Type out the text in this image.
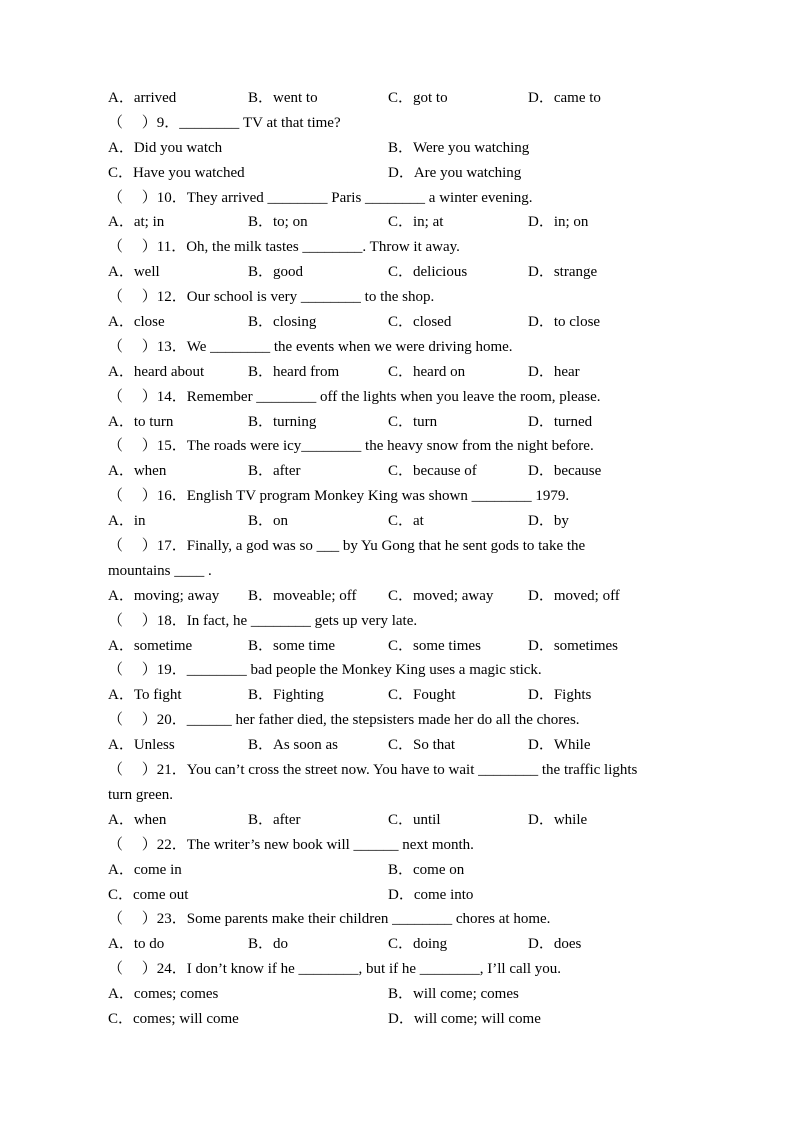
A．arrived	B．went to	C．got to	D．came to
（　 ）9．________ TV at that time?
A．Did you watch	B．Were you watching
C．Have you watched	D．Are you watching
（　 ）10．They arrived ________ Paris ________ a winter evening.
A．at; in	B．to; on	C．in; at	D．in; on
（　 ）11．Oh, the milk tastes ________. Throw it away.
A．well	B．good	C．delicious	D．strange
（　 ）12．Our school is very ________ to the shop.
A．close	B．closing	C．closed	D．to close
（　 ）13．We ________ the events when we were driving home.
A．heard about	B．heard from	C．heard on	D．hear
（　 ）14．Remember ________ off the lights when you leave the room, please.
A．to turn	B．turning	C．turn	D．turned
（　 ）15．The roads were icy________ the heavy snow from the night before.
A．when	B．after	C．because of	D．because
（　 ）16．English TV program Monkey King was shown ________ 1979.
A．in	B．on	C．at	D．by
（　 ）17．Finally, a god was so ___ by Yu Gong that he sent gods to take the
mountains ____ .
A．moving; away	B．moveable; off	C．moved; away	D．moved; off
（　 ）18．In fact, he ________ gets up very late.
A．sometime	B．some time	C．some times	D．sometimes
（　 ）19．________ bad people the Monkey King uses a magic stick.
A．To fight	B．Fighting	C．Fought	D．Fights
（　 ）20．______ her father died, the stepsisters made her do all the chores.
A．Unless	B．As soon as	C．So that	D．While
（　 ）21．You can’t cross the street now. You have to wait ________ the traffic lights
turn green.
A．when	B．after	C．until	D．while
（　 ）22．The writer’s new book will ______ next month.
A．come in	B．come on
C．come out	D．come into
（　 ）23．Some parents make their children ________ chores at home.
A．to do	B．do	C．doing	D．does
（　 ）24．I don’t know if he ________, but if he ________, I’ll call you.
A．comes; comes	B．will come; comes
C．comes; will come	D．will come; will come
